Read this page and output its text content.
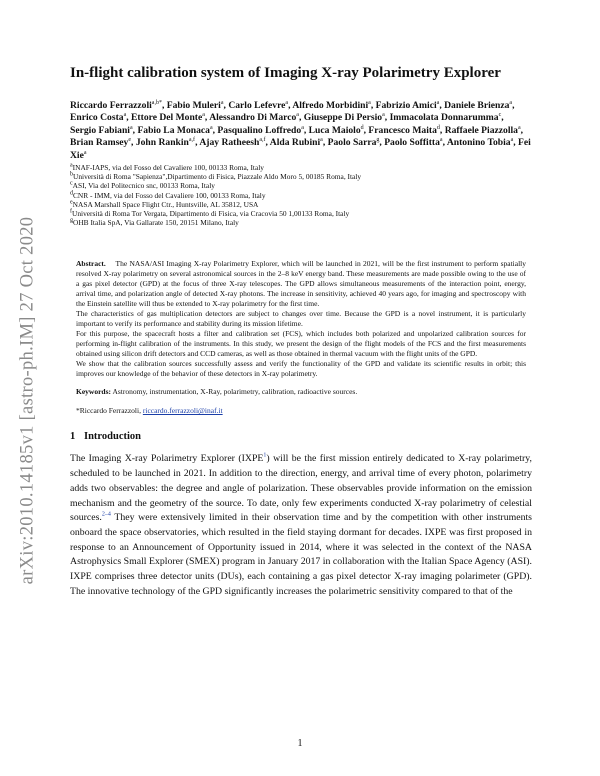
arXiv:2010.14185v1 [astro-ph.IM] 27 Oct 2020
In-flight calibration system of Imaging X-ray Polarimetry Explorer
Riccardo Ferrazzoli$^{a,b*}$, Fabio Muleri$^a$, Carlo Lefevre$^a$, Alfredo Morbidini$^a$, Fabrizio Amici$^a$, Daniele Brienza$^a$, Enrico Costa$^a$, Ettore Del Monte$^a$, Alessandro Di Marco$^a$, Giuseppe Di Persio$^a$, Immacolata Donnarumma$^c$, Sergio Fabiani$^a$, Fabio La Monaca$^a$, Pasqualino Loffredo$^a$, Luca Maiolo$^d$, Francesco Maita$^d$, Raffaele Piazzolla$^a$, Brian Ramsey$^e$, John Rankin$^{a,f}$, Ajay Ratheesh$^{a,f}$, Alda Rubini$^a$, Paolo Sarra$^g$, Paolo Soffitta$^a$, Antonino Tobia$^a$, Fei Xie$^a$
$^a$INAF-IAPS, via del Fosso del Cavaliere 100, 00133 Roma, Italy
$^b$Università di Roma "Sapienza",Dipartimento di Fisica, Piazzale Aldo Moro 5, 00185 Roma, Italy
$^c$ASI, Via del Politecnico snc, 00133 Roma, Italy
$^d$CNR - IMM, via del Fosso del Cavaliere 100, 00133 Roma, Italy
$^e$NASA Marshall Space Flight Ctr., Huntsville, AL 35812, USA
$^f$Università di Roma Tor Vergata, Dipartimento di Fisica, via Cracovia 50 1,00133 Roma, Italy
$^g$OHB Italia SpA, Via Gallarate 150, 20151 Milano, Italy

Abstract.  The NASA/ASI Imaging X-ray Polarimetry Explorer, which will be launched in 2021, will be the first instrument to perform spatially resolved X-ray polarimetry on several astronomical sources in the 2–8 keV energy band. These measurements are made possible owing to the use of a gas pixel detector (GPD) at the focus of three X-ray telescopes. The GPD allows simultaneous measurements of the interaction point, energy, arrival time, and polarization angle of detected X-ray photons. The increase in sensitivity, achieved 40 years ago, for imaging and spectroscopy with the Einstein satellite will thus be extended to X-ray polarimetry for the first time.

The characteristics of gas multiplication detectors are subject to changes over time. Because the GPD is a novel instrument, it is particularly important to verify its performance and stability during its mission lifetime.

For this purpose, the spacecraft hosts a filter and calibration set (FCS), which includes both polarized and unpolarized calibration sources for performing in-flight calibration of the instruments. In this study, we present the design of the flight models of the FCS and the first measurements obtained using silicon drift detectors and CCD cameras, as well as those obtained in thermal vacuum with the flight units of the GPD.

We show that the calibration sources successfully assess and verify the functionality of the GPD and validate its scientific results in orbit; this improves our knowledge of the behavior of these detectors in X-ray polarimetry.

Keywords: Astronomy, instrumentation, X-Ray, polarimetry, calibration, radioactive sources.
*Riccardo Ferrazzoli, riccardo.ferrazzoli@inaf.it
1 Introduction

The Imaging X-ray Polarimetry Explorer (IXPE$^1$) will be the first mission entirely dedicated to X-ray polarimetry, scheduled to be launched in 2021. In addition to the direction, energy, and arrival time of every photon, polarimetry adds two observables: the degree and angle of polarization. These observables provide information on the emission mechanism and the geometry of the source. To date, only few experiments conducted X-ray polarimetry of celestial sources.$^{2-4}$ They were extensively limited in their observation time and by the competition with other instruments onboard the space observatories, which resulted in the field staying dormant for decades. IXPE was first proposed in response to an Announcement of Opportunity issued in 2014, where it was selected in the context of the NASA Astrophysics Small Explorer (SMEX) program in January 2017 in collaboration with the Italian Space Agency (ASI). IXPE comprises three detector units (DUs), each containing a gas pixel detector X-ray imaging polarimeter (GPD). The innovative technology of the GPD significantly increases the polarimetric sensitivity compared to that of the

1
